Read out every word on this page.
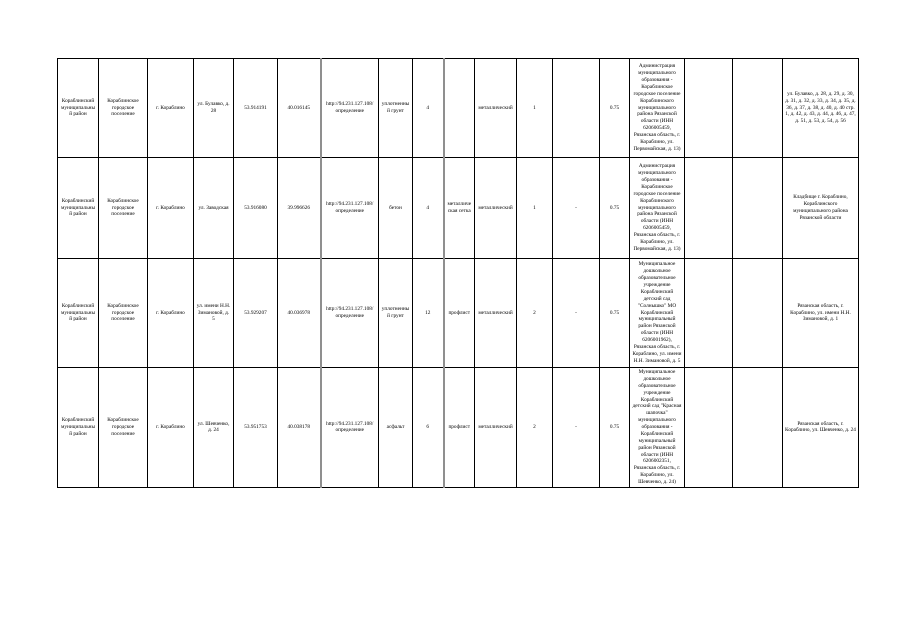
Кораблинский муниципальный район	Кораблинское городское поселение	г. Кораблино	ул. Булавко, д. 28	53.914191	40.016145	http://94.231.127.108/определение	уплотненный грунт	4		металлический	1		0.75	Администрация муниципального образования - Кораблинское городское поселение Кораблинского муниципального района Рязанской области (ИНН 6206005459, Рязанская область, г. Кораблино, ул. Первомайская, д. 13)			ул. Булавко, д. 28, д. 29, д. 30, д. 31, д. 32, д. 33, д. 34, д. 35, д. 36, д. 37, д. 38, д. 40, д. 40 стр. 1, д. 42, д. 43, д. 44, д. 46, д. 47, д. 51, д. 53, д. 54, д. 56
Кораблинский муниципальный район	Кораблинское городское поселение	г. Кораблино	ул. Заводская	53.916080	39.996626	http://94.231.127.108/определение	бетон	4	металлическая сетка	металлический	1	-	0.75	Администрация муниципального образования - Кораблинское городское поселение Кораблинского муниципального района Рязанской области (ИНН 6206005459, Рязанская область, г. Кораблино, ул. Первомайская, д. 13)			Кладбище г. Кораблино, Кораблинского муниципального района Рязанской области
Кораблинский муниципальный район	Кораблинское городское поселение	г. Кораблино	ул. имени Н.Н. Зимановой, д. 5	53.929207	40.036978	http://94.231.127.108/определение	уплотненный грунт	12	профлист	металлический	2	-	0.75	Муниципальное дошкольное образовательное учреждение Кораблинский детский сад "Солнышко" МО Кораблинский муниципальный район Рязанской области (ИНН 6206001962), Рязанская область, г. Кораблино, ул. имени Н.Н. Зимановой, д. 5			Рязанская область, г. Кораблино, ул. имени Н.Н. Зимановой, д. 1
Кораблинский муниципальный район	Кораблинское городское поселение	г. Кораблино	ул. Шевченко, д. 24	53.951753	40.038178	http://94.231.127.108/определение	асфальт	6	профлист	металлический	2	-	0.75	Муниципальное дошкольное образовательное учреждение Кораблинский детский сад "Красная шапочка" муниципального образования - Кораблинский муниципальный район Рязанской области (ИНН 6206002351, Рязанская область, г. Кораблино, ул. Шевченко, д. 24)			Рязанская область, г. Кораблино, ул. Шевченко, д. 24
